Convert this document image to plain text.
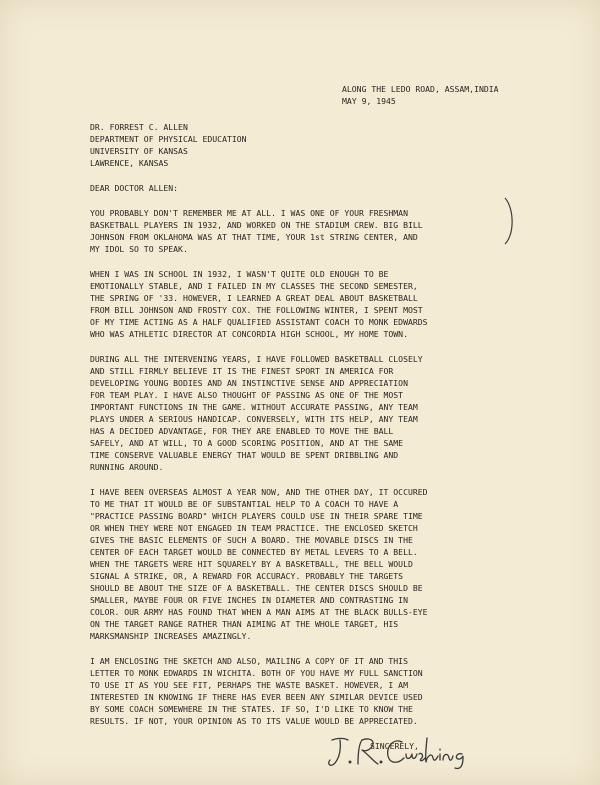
ALONG THE LEDO ROAD, ASSAM,INDIA
MAY 9, 1945
DR. FORREST C. ALLEN
DEPARTMENT OF PHYSICAL EDUCATION
UNIVERSITY OF KANSAS
LAWRENCE, KANSAS
DEAR DOCTOR ALLEN:
YOU PROBABLY DON'T REMEMBER ME AT ALL. I WAS ONE OF YOUR FRESHMAN
BASKETBALL PLAYERS IN 1932, AND WORKED ON THE STADIUM CREW. BIG BILL
JOHNSON FROM OKLAHOMA WAS AT THAT TIME, YOUR 1st STRING CENTER, AND
MY IDOL SO TO SPEAK.
WHEN I WAS IN SCHOOL IN 1932, I WASN'T QUITE OLD ENOUGH TO BE
EMOTIONALLY STABLE, AND I FAILED IN MY CLASSES THE SECOND SEMESTER,
THE SPRING OF '33. HOWEVER, I LEARNED A GREAT DEAL ABOUT BASKETBALL
FROM BILL JOHNSON AND FROSTY COX. THE FOLLOWING WINTER, I SPENT MOST
OF MY TIME ACTING AS A HALF QUALIFIED ASSISTANT COACH TO MONK EDWARDS
WHO WAS ATHLETIC DIRECTOR AT CONCORDIA HIGH SCHOOL, MY HOME TOWN.
DURING ALL THE INTERVENING YEARS, I HAVE FOLLOWED BASKETBALL CLOSELY
AND STILL FIRMLY BELIEVE IT IS THE FINEST SPORT IN AMERICA FOR
DEVELOPING YOUNG BODIES AND AN INSTINCTIVE SENSE AND APPRECIATION
FOR TEAM PLAY. I HAVE ALSO THOUGHT OF PASSING AS ONE OF THE MOST
IMPORTANT FUNCTIONS IN THE GAME. WITHOUT ACCURATE PASSING, ANY TEAM
PLAYS UNDER A SERIOUS HANDICAP. CONVERSELY, WITH ITS HELP, ANY TEAM
HAS A DECIDED ADVANTAGE, FOR THEY ARE ENABLED TO MOVE THE BALL
SAFELY, AND AT WILL, TO A GOOD SCORING POSITION, AND AT THE SAME
TIME CONSERVE VALUABLE ENERGY THAT WOULD BE SPENT DRIBBLING AND
RUNNING AROUND.
I HAVE BEEN OVERSEAS ALMOST A YEAR NOW, AND THE OTHER DAY, IT OCCURED
TO ME THAT IT WOULD BE OF SUBSTANTIAL HELP TO A COACH TO HAVE A
"PRACTICE PASSING BOARD" WHICH PLAYERS COULD USE IN THEIR SPARE TIME
OR WHEN THEY WERE NOT ENGAGED IN TEAM PRACTICE. THE ENCLOSED SKETCH
GIVES THE BASIC ELEMENTS OF SUCH A BOARD. THE MOVABLE DISCS IN THE
CENTER OF EACH TARGET WOULD BE CONNECTED BY METAL LEVERS TO A BELL.
WHEN THE TARGETS WERE HIT SQUARELY BY A BASKETBALL, THE BELL WOULD
SIGNAL A STRIKE, OR, A REWARD FOR ACCURACY. PROBABLY THE TARGETS
SHOULD BE ABOUT THE SIZE OF A BASKETBALL. THE CENTER DISCS SHOULD BE
SMALLER, MAYBE FOUR OR FIVE INCHES IN DIAMETER AND CONTRASTING IN
COLOR. OUR ARMY HAS FOUND THAT WHEN A MAN AIMS AT THE BLACK BULLS-EYE
ON THE TARGET RANGE RATHER THAN AIMING AT THE WHOLE TARGET, HIS
MARKSMANSHIP INCREASES AMAZINGLY.
I AM ENCLOSING THE SKETCH AND ALSO, MAILING A COPY OF IT AND THIS
LETTER TO MONK EDWARDS IN WICHITA. BOTH OF YOU HAVE MY FULL SANCTION
TO USE IT AS YOU SEE FIT, PERHAPS THE WASTE BASKET. HOWEVER, I AM
INTERESTED IN KNOWING IF THERE HAS EVER BEEN ANY SIMILAR DEVICE USED
BY SOME COACH SOMEWHERE IN THE STATES. IF SO, I'D LIKE TO KNOW THE
RESULTS. IF NOT, YOUR OPINION AS TO ITS VALUE WOULD BE APPRECIATED.
SINCERELY,
